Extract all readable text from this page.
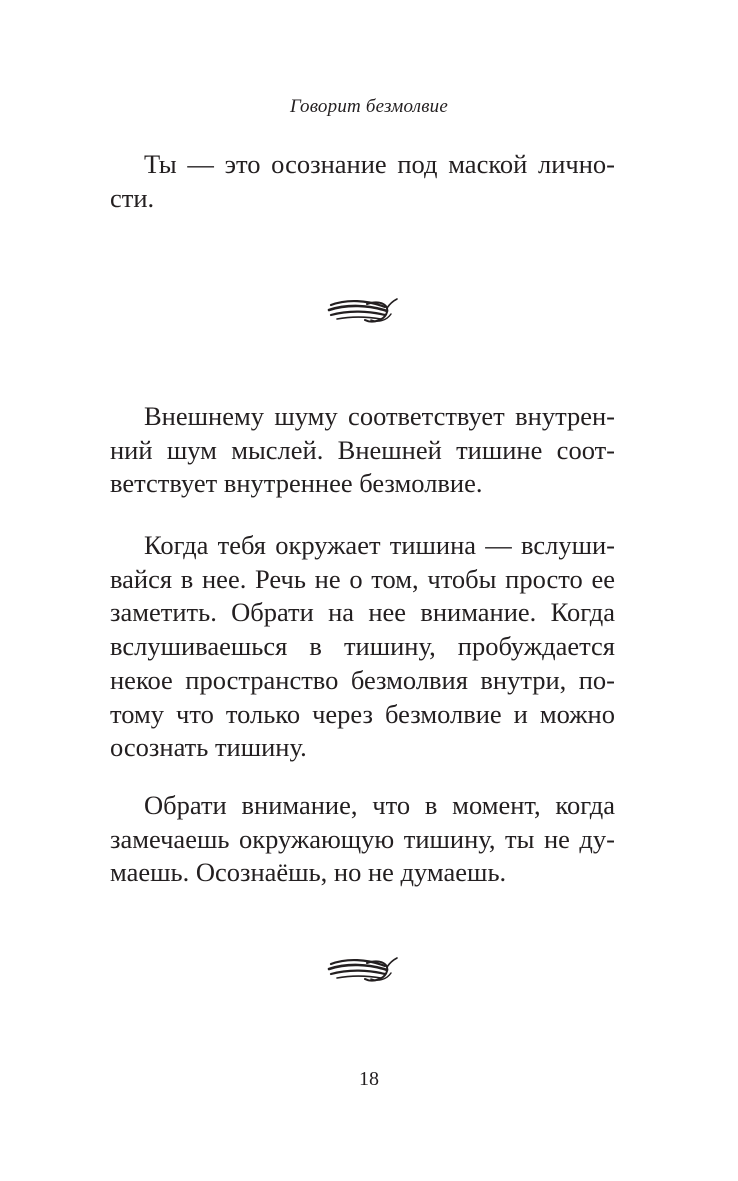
Говорит безмолвие

Ты — это осознание под маской лично-
сти.

Внешнему шуму соответствует внутрен-
ний шум мыслей. Внешней тишине соот-
ветствует внутреннее безмолвие.

Когда тебя окружает тишина — вслуши-
вайся в нее. Речь не о том, чтобы просто ее
заметить. Обрати на нее внимание. Когда
вслушиваешься в тишину, пробуждается
некое пространство безмолвия внутри, по-
тому что только через безмолвие и можно
осознать тишину.

Обрати внимание, что в момент, когда
замечаешь окружающую тишину, ты не ду-
маешь. Осознаёшь, но не думаешь.

18
